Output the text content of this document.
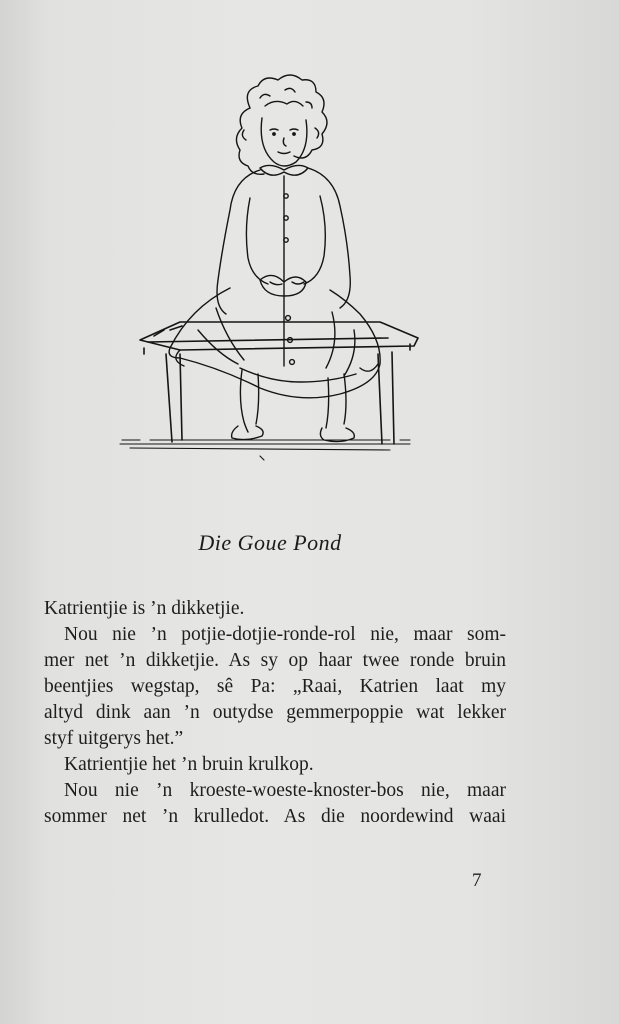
Die Goue Pond
Katrientjie is ’n dikketjie.
Nou nie ’n potjie-dotjie-ronde-rol nie, maar som-
mer net ’n dikketjie. As sy op haar twee ronde bruin
beentjies wegstap, sê Pa: „Raai, Katrien laat my
altyd dink aan ’n outydse gemmerpoppie wat lekker
styf uitgerys het.”
Katrientjie het ’n bruin krulkop.
Nou nie ’n kroeste-woeste-knoster-bos nie, maar
sommer net ’n krulledot. As die noordewind waai
7
